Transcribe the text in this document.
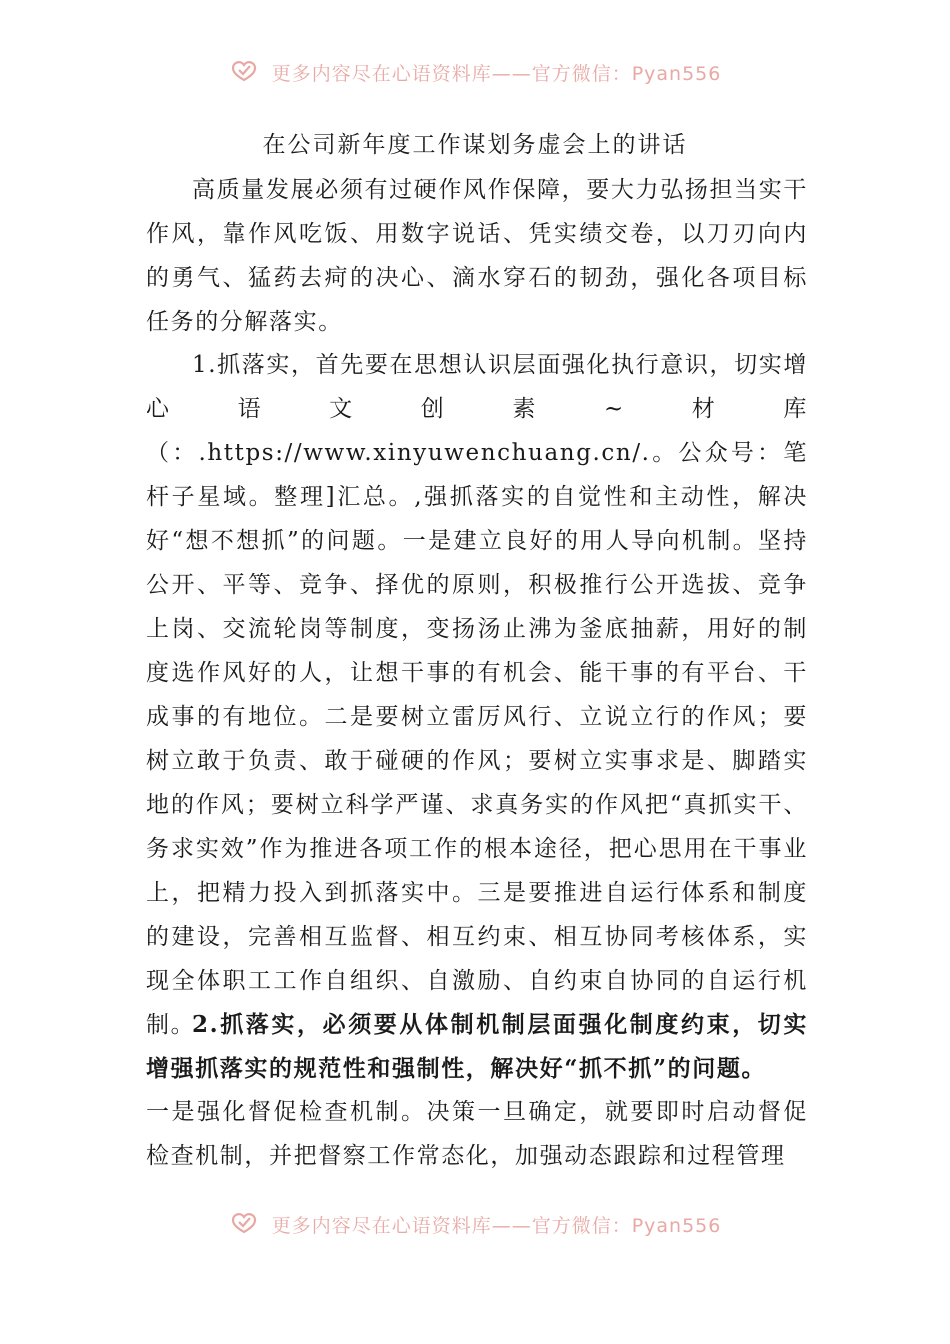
更多内容尽在心语资料库——官方微信：Pyan556
在公司新年度工作谋划务虚会上的讲话

高质量发展必须有过硬作风作保障，要大力弘扬担当实干作风，靠作风吃饭、用数字说话、凭实绩交卷，以刀刃向内的勇气、猛药去疴的决心、滴水穿石的韧劲，强化各项目标任务的分解落实。

1.抓落实，首先要在思想认识层面强化执行意识，切实增心语文创素~材库（：.https://www.xinyuwenchuang.cn/.。公众号：笔杆子星域。整理]汇总。,强抓落实的自觉性和主动性，解决好“想不想抓”的问题。一是建立良好的用人导向机制。坚持公开、平等、竞争、择优的原则，积极推行公开选拔、竞争上岗、交流轮岗等制度，变扬汤止沸为釜底抽薪，用好的制度选作风好的人，让想干事的有机会、能干事的有平台、干成事的有地位。二是要树立雷厉风行、立说立行的作风；要树立敢于负责、敢于碰硬的作风；要树立实事求是、脚踏实地的作风；要树立科学严谨、求真务实的作风把“真抓实干、务求实效”作为推进各项工作的根本途径，把心思用在干事业上，把精力投入到抓落实中。三是要推进自运行体系和制度的建设，完善相互监督、相互约束、相互协同考核体系，实现全体职工工作自组织、自激励、自约束自协同的自运行机制。

2.抓落实，必须要从体制机制层面强化制度约束，切实增强抓落实的规范性和强制性，解决好“抓不抓”的问题。

一是强化督促检查机制。决策一旦确定，就要即时启动督促检查机制，并把督察工作常态化，加强动态跟踪和过程管理

更多内容尽在心语资料库——官方微信：Pyan556
